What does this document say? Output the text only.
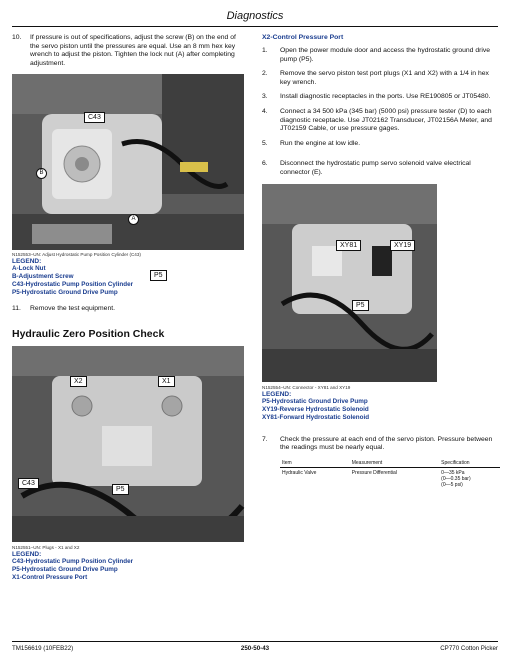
Diagnostics
10.	If pressure is out of specifications, adjust the screw (B) on the end of the servo piston until the pressures are equal. Use an 8 mm hex key wrench to adjust the piston. Tighten the lock nut (A) after completing adjustment.
C43
B
A
P5
N152553–UN: Adjust Hydrostatic Pump Position Cylinder (C43)
LEGEND:
A-Lock Nut
B-Adjustment Screw
C43-Hydrostatic Pump Position Cylinder
P5-Hydrostatic Ground Drive Pump
11.	Remove the test equipment.
Hydraulic Zero Position Check
X2	X1
C43
P5
N152551–UN: Plugs - X1 and X2
LEGEND:
C43-Hydrostatic Pump Position Cylinder
P5-Hydrostatic Ground Drive Pump
X1-Control Pressure Port
X2-Control Pressure Port
1.	Open the power module door and access the hydrostatic ground drive pump (P5).
2.	Remove the servo piston test port plugs (X1 and X2) with a 1/4 in hex key wrench.
3.	Install diagnostic receptacles in the ports. Use RE190805 or JT05480.
4.	Connect a 34 500 kPa (345 bar) (5000 psi) pressure tester (D) to each diagnostic receptacle. Use JT02162 Transducer, JT02156A Meter, and JT02159 Cable, or use pressure gages.
5.	Run the engine at low idle.
6.	Disconnect the hydrostatic pump servo solenoid valve electrical connector (E).
XY81	XY19
P5
N152554–UN: Connector - XY81 and XY19
LEGEND:
P5-Hydrostatic Ground Drive Pump
XY19-Reverse Hydrostatic Solenoid
XY81-Forward Hydrostatic Solenoid
7.	Check the pressure at each end of the servo piston. Pressure between the readings must be nearly equal.
Item	Measurement	Specification
Hydraulic Valve	Pressure Differential	0—35 kPa
(0—0.35 bar)
(0—5 psi)
TM156619 (10FEB22)	250-50-43	CP770 Cotton Picker
